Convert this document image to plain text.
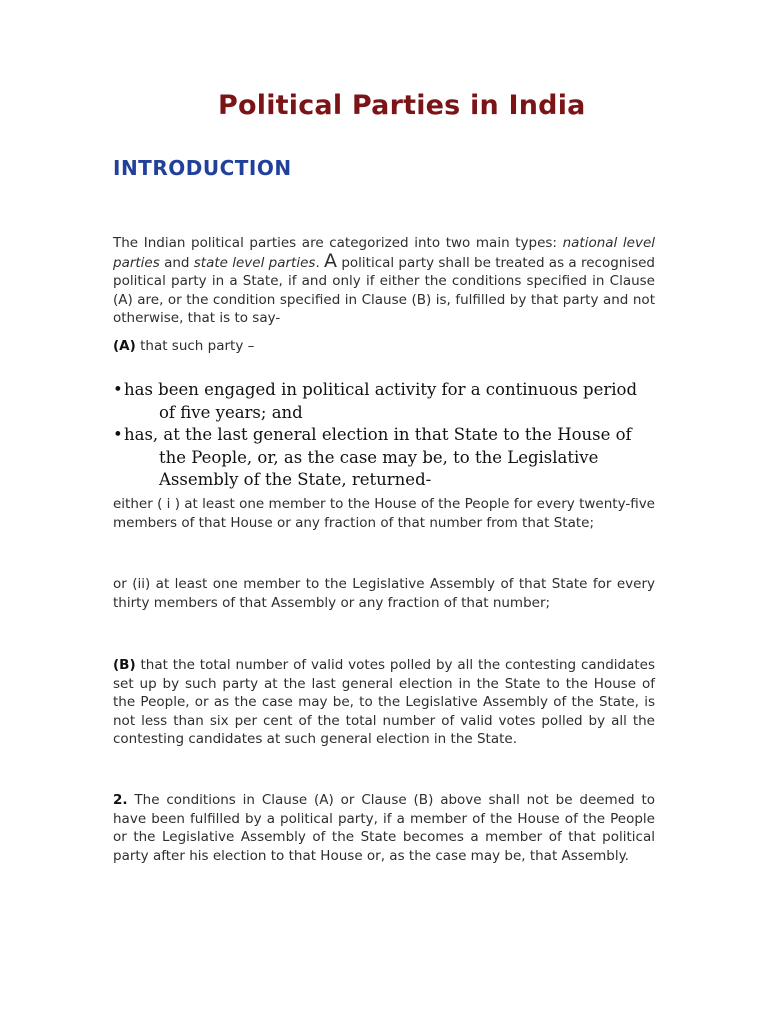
Political Parties in India
INTRODUCTION

The Indian political parties are categorized into two main types: national level parties and state level parties. A political party shall be treated as a recognised political party in a State, if and only if either the conditions specified in Clause (A) are, or the condition specified in Clause (B) is, fulfilled by that party and not otherwise, that is to say-

(A) that such party –

•has been engaged in political activity for a continuous period of five years; and
•has, at the last general election in that State to the House of the People, or, as the case may be, to the Legislative Assembly of the State, returned-

either ( i ) at least one member to the House of the People for every twenty-five members of that House or any fraction of that number from that State;

or (ii) at least one member to the Legislative Assembly of that State for every thirty members of that Assembly or any fraction of that number;

(B) that the total number of valid votes polled by all the contesting candidates set up by such party at the last general election in the State to the House of the People, or as the case may be, to the Legislative Assembly of the State, is not less than six per cent of the total number of valid votes polled by all the contesting candidates at such general election in the State.

2. The conditions in Clause (A) or Clause (B) above shall not be deemed to have been fulfilled by a political party, if a member of the House of the People or the Legislative Assembly of the State becomes a member of that political party after his election to that House or, as the case may be, that Assembly.
